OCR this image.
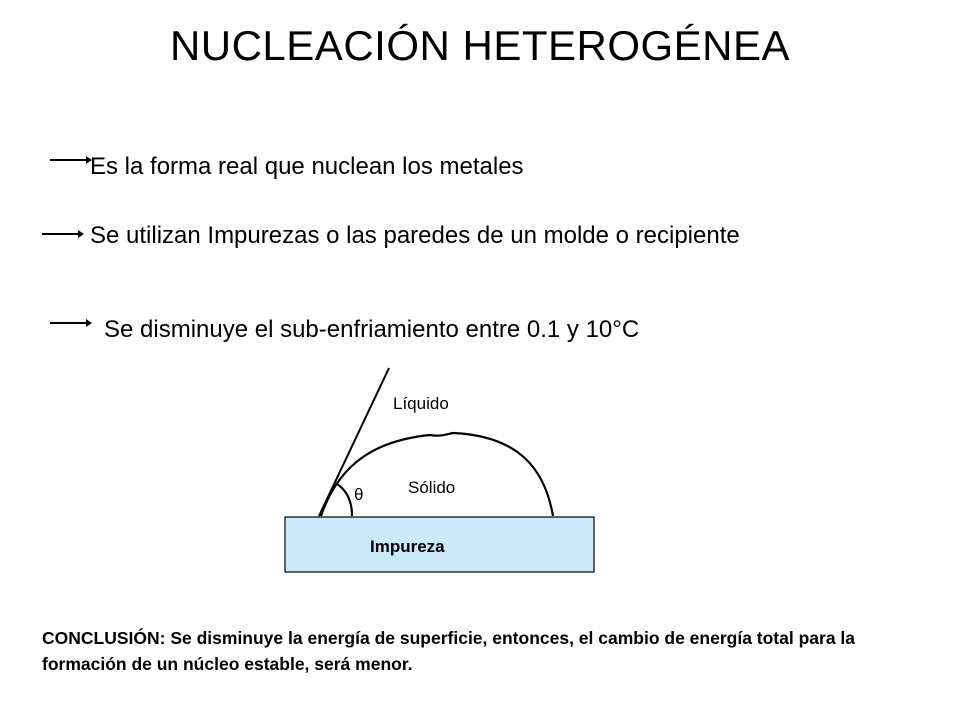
NUCLEACIÓN HETEROGÉNEA
Es la forma real que nuclean los metales
Se utilizan Impurezas o las paredes de un molde o recipiente
Se disminuye el sub-enfriamiento entre 0.1 y 10°C
Líquido
Sólido
θ
Impureza
CONCLUSIÓN: Se disminuye la energía de superficie, entonces, el cambio de energía total para la formación de un núcleo estable, será menor.
